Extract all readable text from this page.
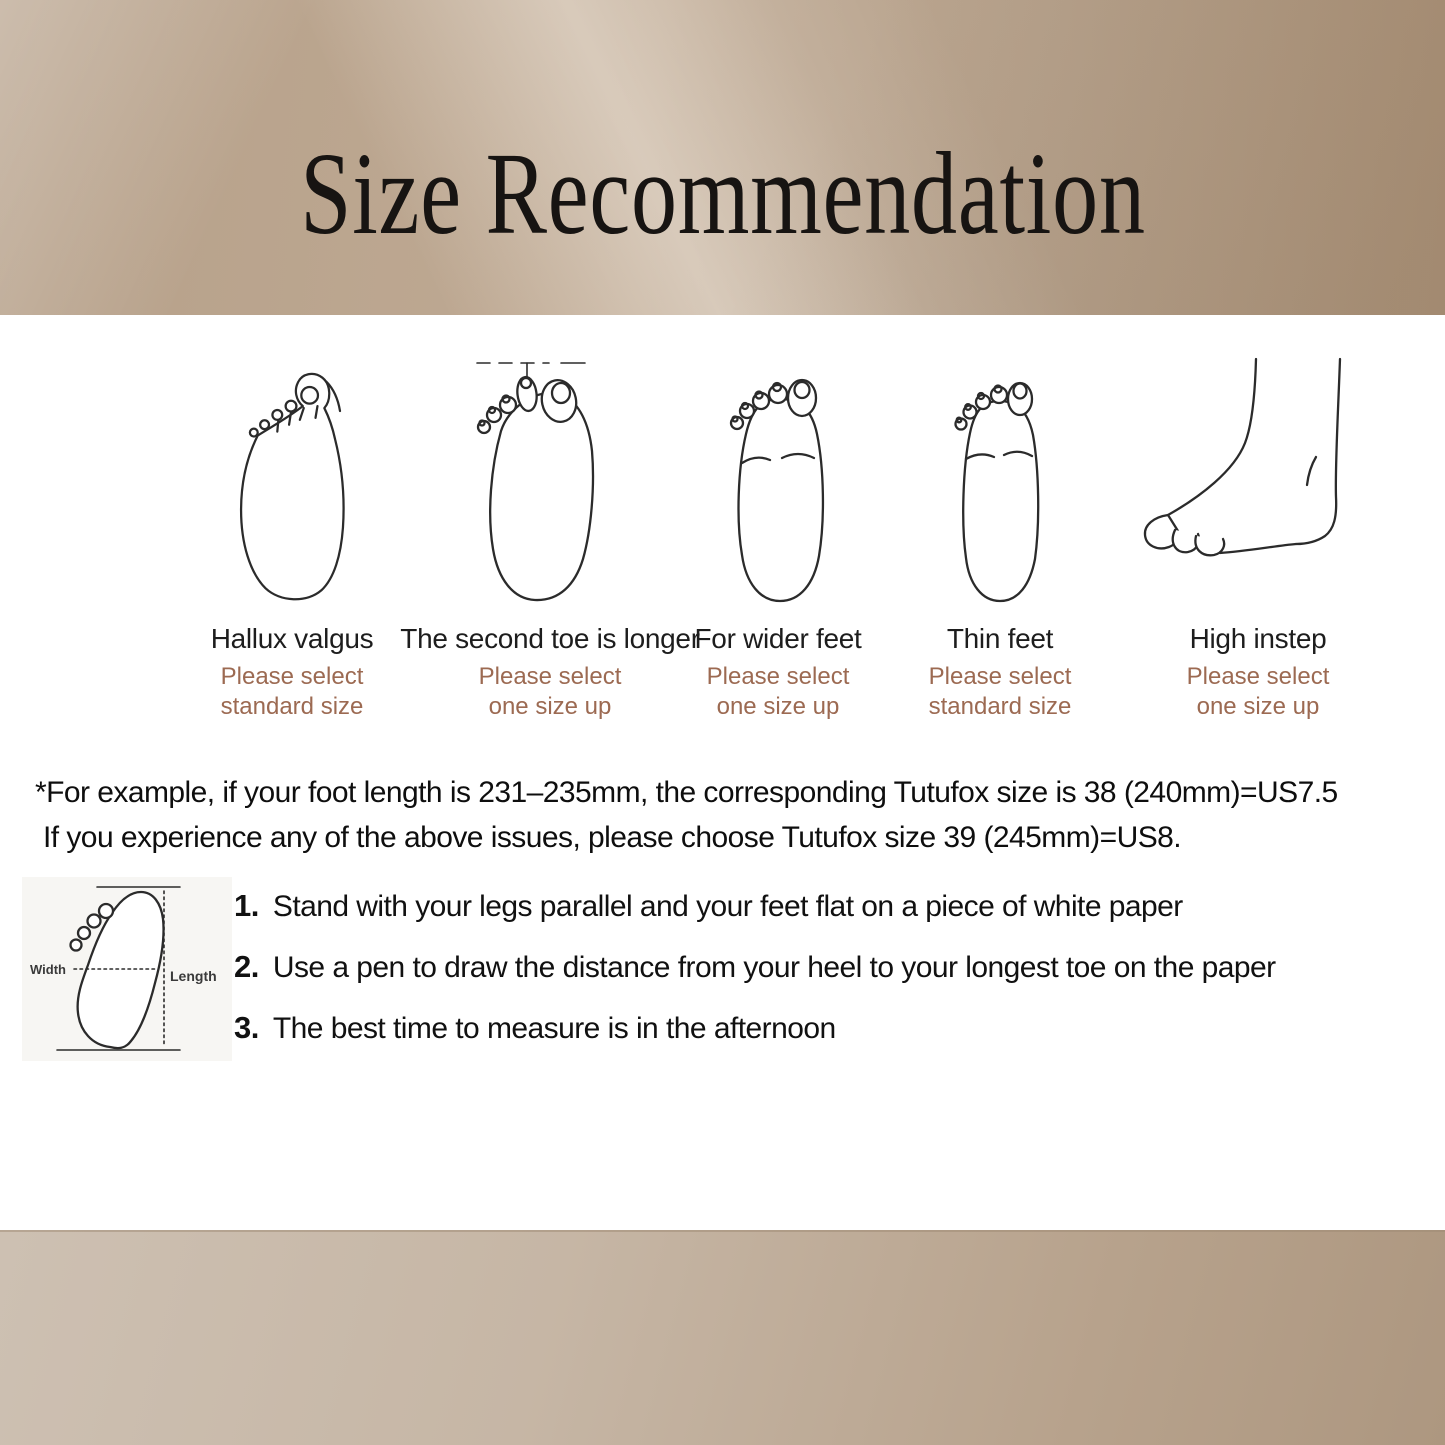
Size Recommendation
Hallux valgus
Please select
standard size
The second toe is longer
Please select
one size up
For wider feet
Please select
one size up
Thin feet
Please select
standard size
High instep
Please select
one size up
*For example, if your foot length is 231–235mm, the corresponding Tutufox size is 38 (240mm)=US7.5
If you experience any of the above issues, please choose Tutufox size 39 (245mm)=US8.
Width	Length
1. Stand with your legs parallel and your feet flat on a piece of white paper
2. Use a pen to draw the distance from your heel to your longest toe on the paper
3. The best time to measure is in the afternoon
